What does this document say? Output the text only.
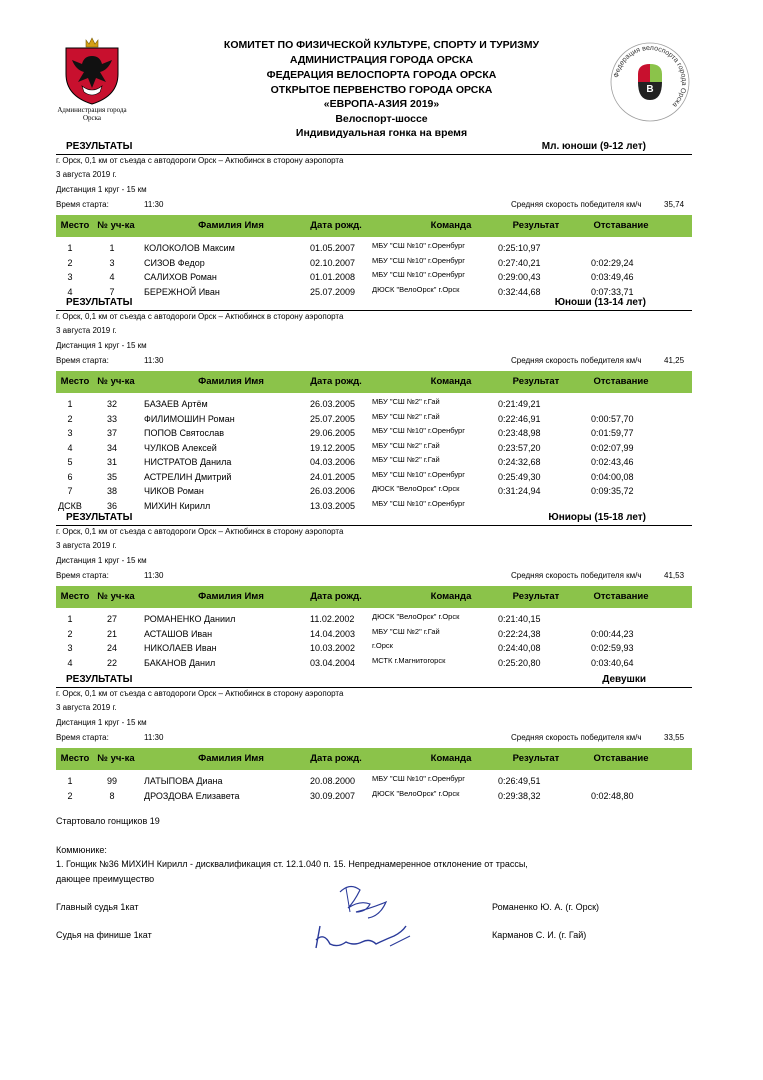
Администрация города Орска
Федерация велоспорта города Орска
В
КОМИТЕТ ПО ФИЗИЧЕСКОЙ КУЛЬТУРЕ, СПОРТУ И ТУРИЗМУ
АДМИНИСТРАЦИЯ ГОРОДА ОРСКА
ФЕДЕРАЦИЯ ВЕЛОСПОРТА ГОРОДА ОРСКА
ОТКРЫТОЕ ПЕРВЕНСТВО ГОРОДА ОРСКА
«ЕВРОПА-АЗИЯ 2019»
Велоспорт-шоссе
Индивидуальная гонка на время
РЕЗУЛЬТАТЫ	Мл. юноши (9-12 лет)
г. Орск, 0,1 км от съезда с автодороги Орск – Актюбинск в сторону аэропорта
3 августа 2019 г.
Дистанция 1 круг - 15 км
Время старта:	11:30	Средняя скорость победителя км/ч	35,74
Место № уч-ка	Фамилия Имя	Дата рожд.	Команда	Результат	Отставание
1	1	КОЛОКОЛОВ Максим	01.05.2007 МБУ "СШ №10" г.Оренбург	0:25:10,97
2	3	СИЗОВ Федор	02.10.2007 МБУ "СШ №10" г.Оренбург	0:27:40,21	0:02:29,24
3	4	САЛИХОВ Роман	01.01.2008 МБУ "СШ №10" г.Оренбург	0:29:00,43	0:03:49,46
4	7	БЕРЕЖНОЙ Иван	25.07.2009 ДЮСК "ВелоОрск" г.Орск	0:32:44,68	0:07:33,71
РЕЗУЛЬТАТЫ	Юноши (13-14 лет)
г. Орск, 0,1 км от съезда с автодороги Орск – Актюбинск в сторону аэропорта
3 августа 2019 г.
Дистанция 1 круг - 15 км
Время старта:	11:30	Средняя скорость победителя км/ч	41,25
Место № уч-ка	Фамилия Имя	Дата рожд.	Команда	Результат	Отставание
1	32	БАЗАЕВ Артём	26.03.2005 МБУ "СШ №2" г.Гай	0:21:49,21
2	33	ФИЛИМОШИН Роман	25.07.2005 МБУ "СШ №2" г.Гай	0:22:46,91	0:00:57,70
3	37	ПОПОВ Святослав	29.06.2005 МБУ "СШ №10" г.Оренбург	0:23:48,98	0:01:59,77
4	34	ЧУЛКОВ Алексей	19.12.2005 МБУ "СШ №2" г.Гай	0:23:57,20	0:02:07,99
5	31	НИСТРАТОВ Данила	04.03.2006 МБУ "СШ №2" г.Гай	0:24:32,68	0:02:43,46
6	35	АСТРЕЛИН Дмитрий	24.01.2005 МБУ "СШ №10" г.Оренбург	0:25:49,30	0:04:00,08
7	38	ЧИКОВ Роман	26.03.2006 ДЮСК "ВелоОрск" г.Орск	0:31:24,94	0:09:35,72
ДСКВ	36	МИХИН Кирилл	13.03.2005 МБУ "СШ №10" г.Оренбург
РЕЗУЛЬТАТЫ	Юниоры (15-18 лет)
г. Орск, 0,1 км от съезда с автодороги Орск – Актюбинск в сторону аэропорта
3 августа 2019 г.
Дистанция 1 круг - 15 км
Время старта:	11:30	Средняя скорость победителя км/ч	41,53
Место № уч-ка	Фамилия Имя	Дата рожд.	Команда	Результат	Отставание
1	27	РОМАНЕНКО Даниил	11.02.2002 ДЮСК "ВелоОрск" г.Орск	0:21:40,15
2	21	АСТАШОВ Иван	14.04.2003 МБУ "СШ №2" г.Гай	0:22:24,38	0:00:44,23
3	24	НИКОЛАЕВ Иван	10.03.2002 г.Орск	0:24:40,08	0:02:59,93
4	22	БАКАНОВ Данил	03.04.2004 МСТК г.Магнитогорск	0:25:20,80	0:03:40,64
РЕЗУЛЬТАТЫ	Девушки
г. Орск, 0,1 км от съезда с автодороги Орск – Актюбинск в сторону аэропорта
3 августа 2019 г.
Дистанция 1 круг - 15 км
Время старта:	11:30	Средняя скорость победителя км/ч	33,55
Место № уч-ка	Фамилия Имя	Дата рожд.	Команда	Результат	Отставание
1	99	ЛАТЫПОВА Диана	20.08.2000 МБУ "СШ №10" г.Оренбург	0:26:49,51
2	8	ДРОЗДОВА Елизавета	30.09.2007 ДЮСК "ВелоОрск" г.Орск	0:29:38,32	0:02:48,80
Стартовало гонщиков 19
Коммюнике:
1. Гонщик №36 МИХИН Кирилл - дисквалификация ст. 12.1.040 п. 15. Непреднамеренное отклонение от трассы,
дающее преимущество
Главный судья 1кат	Романенко Ю. А. (г. Орск)
Судья на финише 1кат	Карманов С. И. (г. Гай)
